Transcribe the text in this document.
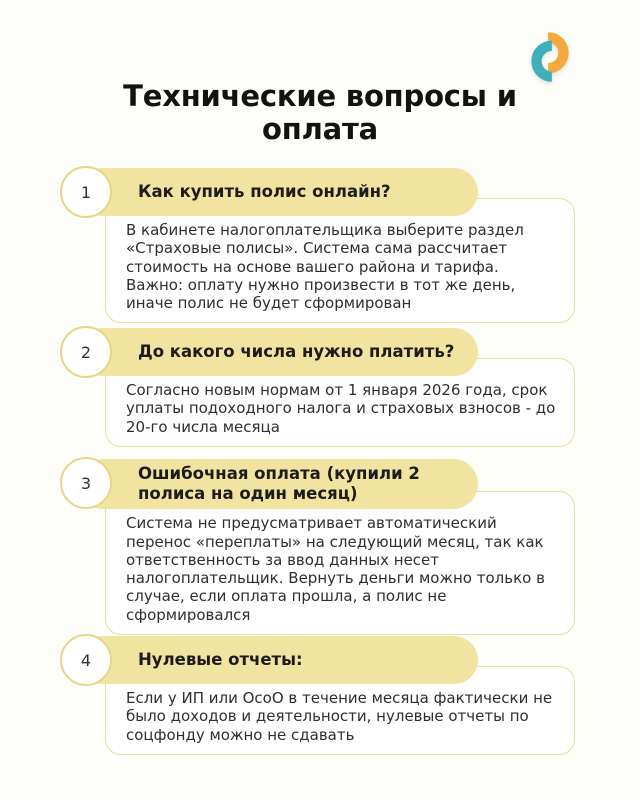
Технические вопросы и оплата
Как купить полис онлайн?
1

В кабинете налогоплательщика выберите раздел «Страховые полисы». Система сама рассчитает стоимость на основе вашего района и тарифа. Важно: оплату нужно произвести в тот же день, иначе полис не будет сформирован

До какого числа нужно платить?
2

Согласно новым нормам от 1 января 2026 года, срок уплаты подоходного налога и страховых взносов - до 20-го числа месяца

Ошибочная оплата (купили 2 полиса на один месяц)
3

Система не предусматривает автоматический перенос «переплаты» на следующий месяц, так как ответственность за ввод данных несет налогоплательщик. Вернуть деньги можно только в случае, если оплата прошла, а полис не сформировался

Нулевые отчеты:
4

Если у ИП или ОсоО в течение месяца фактически не было доходов и деятельности, нулевые отчеты по соцфонду можно не сдавать
